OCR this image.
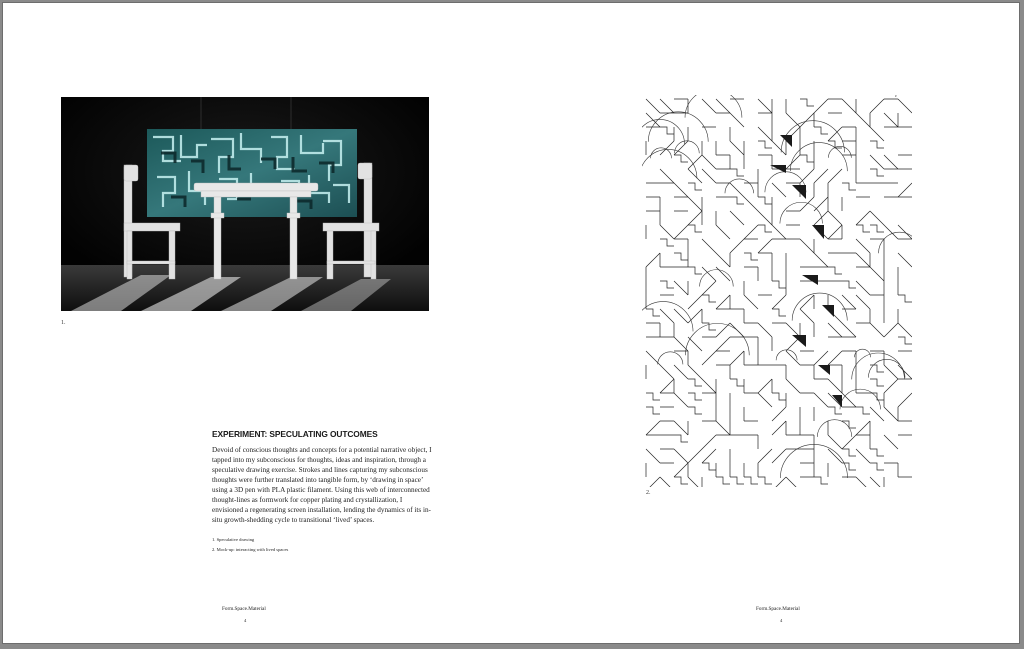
1.
EXPERIMENT: SPECULATING OUTCOMES

Devoid of conscious thoughts and concepts for a potential narrative object, I tapped into my subconscious for thoughts, ideas and inspiration, through a speculative drawing exercise. Strokes and lines capturing my subconscious thoughts were further translated into tangible form, by ‘drawing in space’ using a 3D pen with PLA plastic filament. Using this web of interconnected thought-lines as formwork for copper plating and crystallization, I envisioned a regenerating screen installation, lending the dynamics of its in-situ growth-shedding cycle to transitional ‘lived’ spaces.

1. Speculative drawing
2. Mock-up: interacting with lived spaces
Form.Space.Material
4
2.
Form.Space.Material
4
